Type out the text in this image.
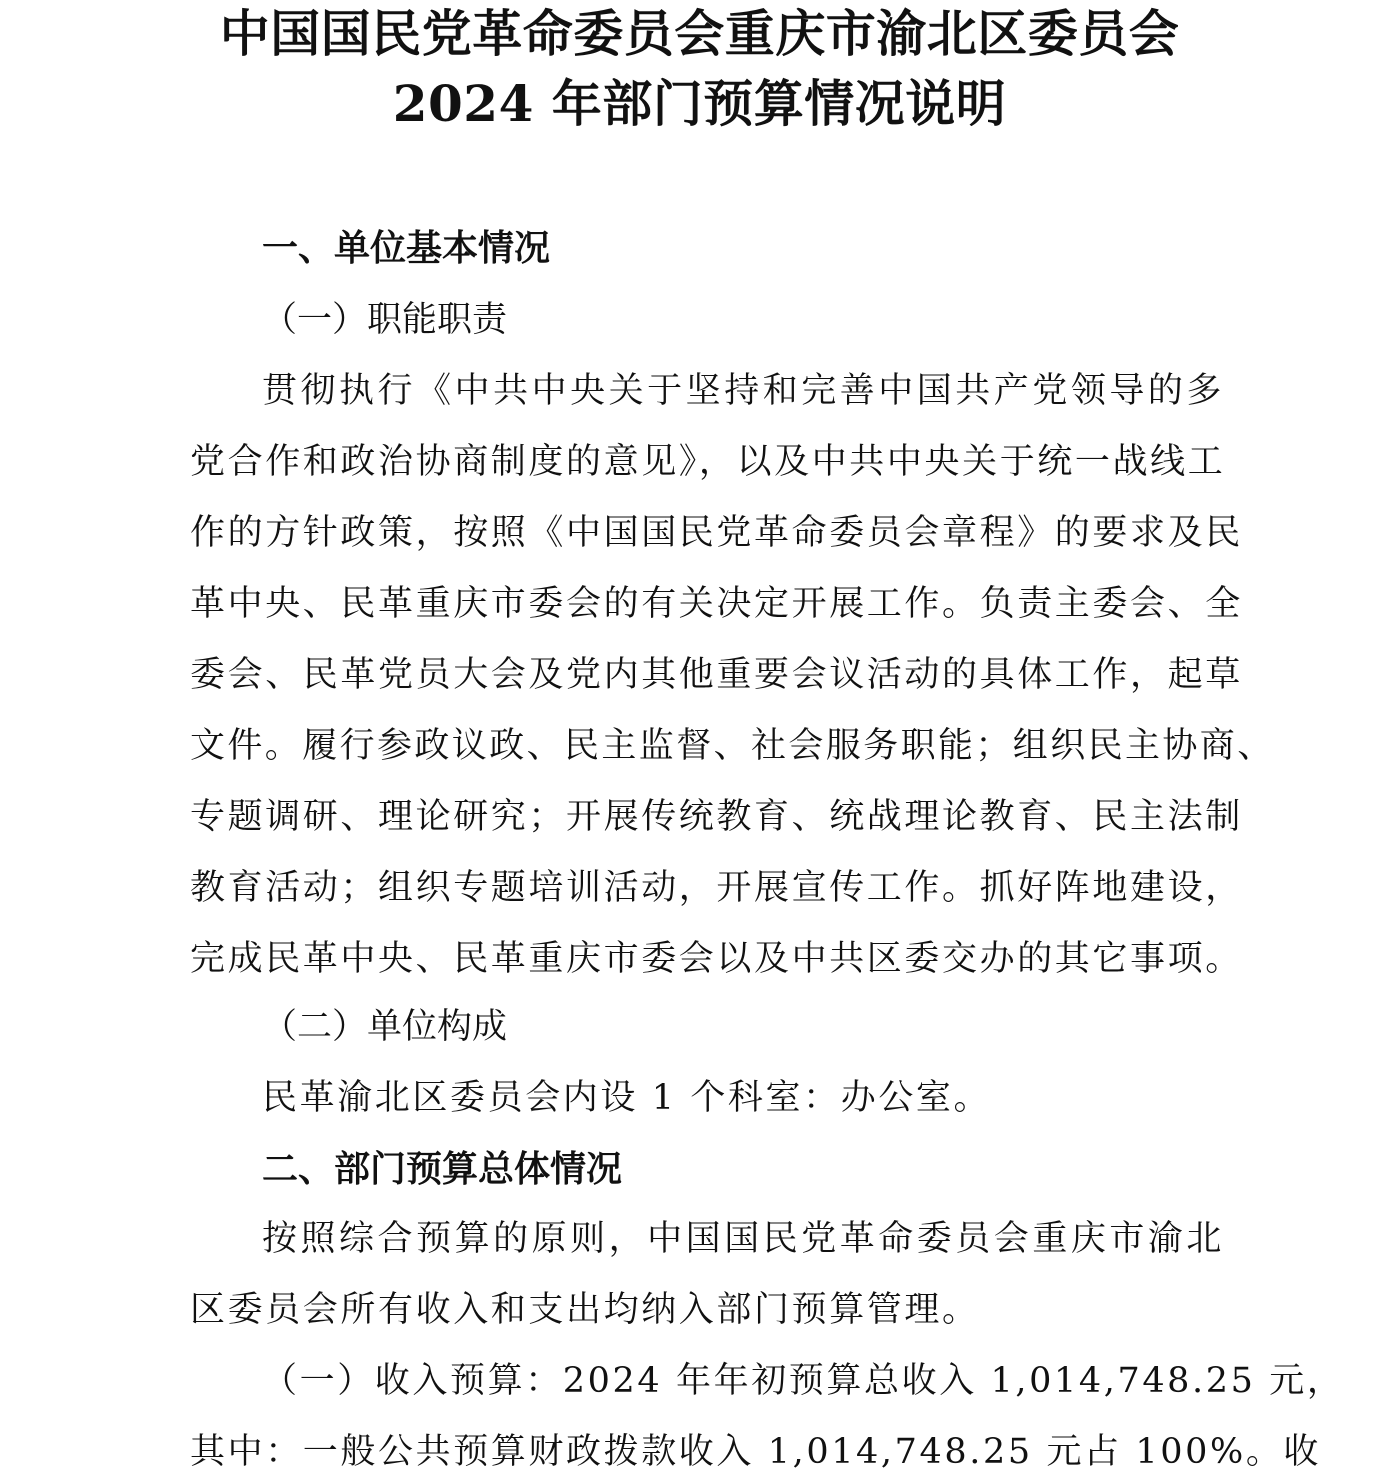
中国国民党革命委员会重庆市渝北区委员会
2024 年部门预算情况说明
一、单位基本情况
（一）职能职责
贯彻执行《中共中央关于坚持和完善中国共产党领导的多
党合作和政治协商制度的意见》，以及中共中央关于统一战线工
作的方针政策，按照《中国国民党革命委员会章程》的要求及民
革中央、民革重庆市委会的有关决定开展工作。负责主委会、全
委会、民革党员大会及党内其他重要会议活动的具体工作，起草
文件。履行参政议政、民主监督、社会服务职能；组织民主协商、
专题调研、理论研究；开展传统教育、统战理论教育、民主法制
教育活动；组织专题培训活动，开展宣传工作。抓好阵地建设，
完成民革中央、民革重庆市委会以及中共区委交办的其它事项。
（二）单位构成
民革渝北区委员会内设 1 个科室：办公室。
二、部门预算总体情况
按照综合预算的原则，中国国民党革命委员会重庆市渝北
区委员会所有收入和支出均纳入部门预算管理。
（一）收入预算：2024 年年初预算总收入 1,014,748.25 元，
其中：一般公共预算财政拨款收入 1,014,748.25 元占 100%。收
